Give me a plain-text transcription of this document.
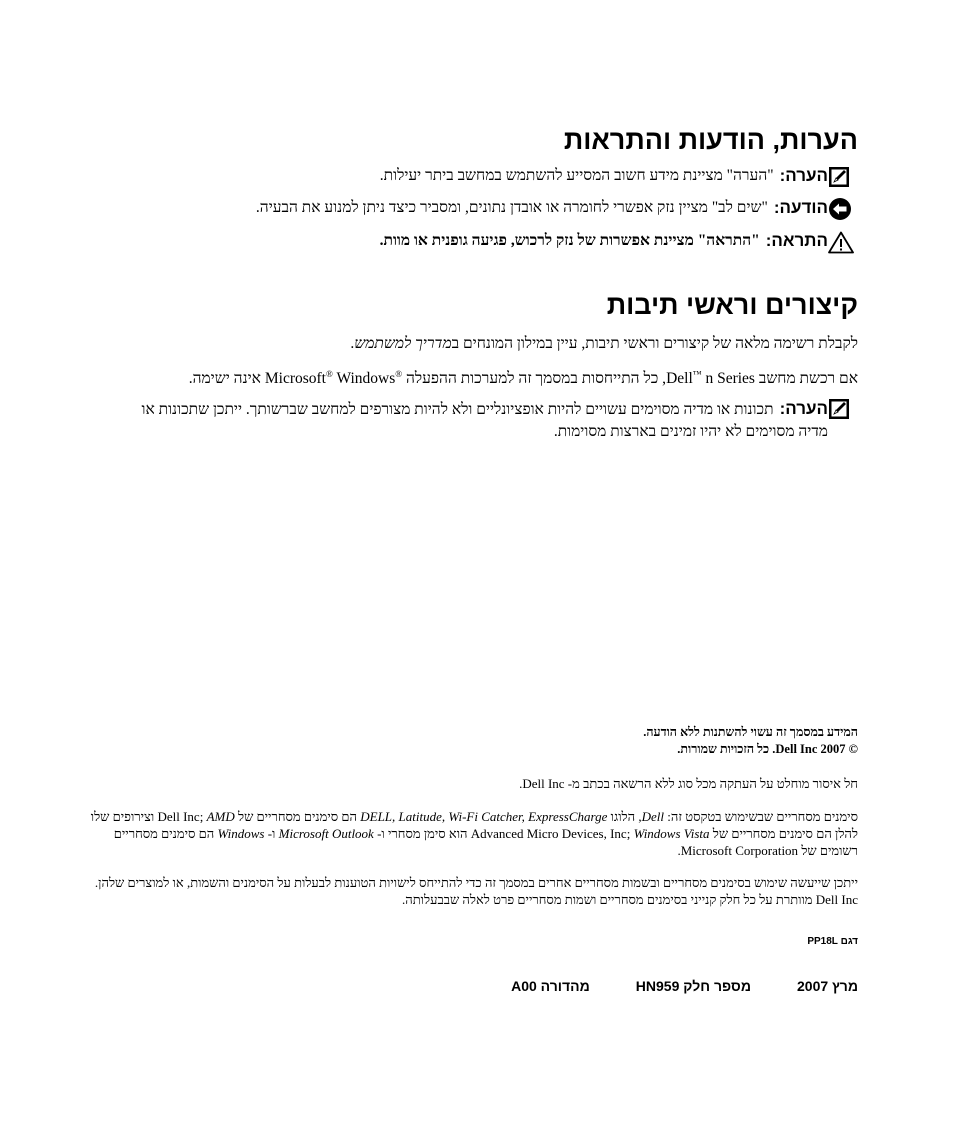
הערות, הודעות והתראות
הערה:
"הערה" מציינת מידע חשוב המסייע להשתמש במחשב ביתר יעילות.
הודעה:
"שים לב" מציין נזק אפשרי לחומרה או אובדן נתונים, ומסביר כיצד ניתן למנוע את הבעיה.
התראה:
"התראה" מציינת אפשרות של נזק לרכוש, פגיעה גופנית או מוות.
קיצורים וראשי תיבות

לקבלת רשימה מלאה של קיצורים וראשי תיבות, עיין במילון המונחים במדריך למשתמש.

אם רכשת מחשב Dell™ n Series, כל התייחסות במסמך זה למערכות ההפעלה Microsoft® Windows® אינה ישימה.

הערה:תכונות או מדיה מסוימים עשויים להיות אופציונליים ולא להיות מצורפים למחשב שברשותך. ייתכן שתכונות או מדיה מסוימים לא יהיו זמינים בארצות מסוימות.
המידע במסמך זה עשוי להשתנות ללא הודעה.
© 2007 Dell Inc. כל הזכויות שמורות.
חל איסור מוחלט על העתקה מכל סוג ללא הרשאה בכתב מ- Dell Inc.
סימנים מסחריים שבשימוש בטקסט זה: Dell, הלוגו DELL, Latitude, Wi-Fi Catcher, ExpressCharge הם סימנים מסחריים של Dell Inc; AMD וצירופים שלו להלן הם סימנים מסחריים של Advanced Micro Devices, Inc; Windows Vista הוא סימן מסחרי ו- Microsoft Outlook ו- Windows הם סימנים מסחריים רשומים של Microsoft Corporation.
ייתכן שייעשה שימוש בסימנים מסחריים ובשמות מסחריים אחרים במסמך זה כדי להתייחס לישויות הטוענות לבעלות על הסימנים והשמות, או למוצרים שלהן. Dell Inc מוותרת על כל חלק קנייני בסימנים מסחריים ושמות מסחריים פרט לאלה שבבעלותה.
דגם PP18L
מרץ 2007
מספר חלק HN959
מהדורה A00
